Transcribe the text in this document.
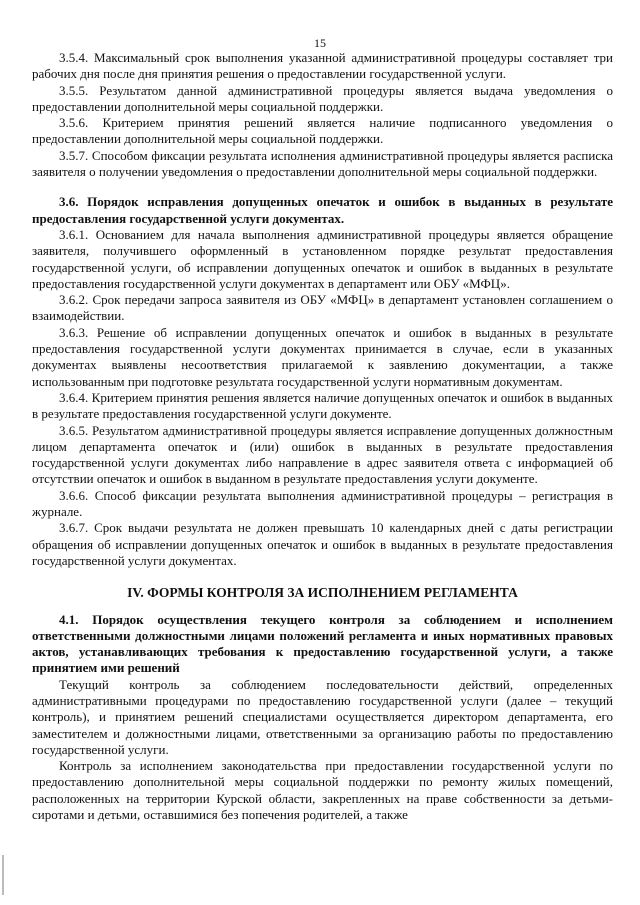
15

3.5.4. Максимальный срок выполнения указанной административной процедуры составляет три рабочих дня после дня принятия решения о предоставлении государственной услуги.

3.5.5. Результатом данной административной процедуры является выдача уведомления о предоставлении дополнительной меры социальной поддержки.

3.5.6. Критерием принятия решений является наличие подписанного уведомления о предоставлении дополнительной меры социальной поддержки.

3.5.7. Способом фиксации результата исполнения административной процедуры является расписка заявителя о получении уведомления о предоставлении дополнительной меры социальной поддержки.

3.6. Порядок исправления допущенных опечаток и ошибок в выданных в результате предоставления государственной услуги документах.

3.6.1. Основанием для начала выполнения административной процедуры является обращение заявителя, получившего оформленный в установленном порядке результат предоставления государственной услуги, об исправлении допущенных опечаток и ошибок в выданных в результате предоставления государственной услуги документах в департамент или ОБУ «МФЦ».

3.6.2. Срок передачи запроса заявителя из ОБУ «МФЦ» в департамент установлен соглашением о взаимодействии.

3.6.3. Решение об исправлении допущенных опечаток и ошибок в выданных в результате предоставления государственной услуги документах принимается в случае, если в указанных документах выявлены несоответствия прилагаемой к заявлению документации, а также использованным при подготовке результата государственной услуги нормативным документам.

3.6.4. Критерием принятия решения является наличие допущенных опечаток и ошибок в выданных в результате предоставления государственной услуги документе.

3.6.5. Результатом административной процедуры является исправление допущенных должностным лицом департамента опечаток и (или) ошибок в выданных в результате предоставления государственной услуги документах либо направление в адрес заявителя ответа с информацией об отсутствии опечаток и ошибок в выданном в результате предоставления услуги документе.

3.6.6. Способ фиксации результата выполнения административной процедуры – регистрация в журнале.

3.6.7. Срок выдачи результата не должен превышать 10 календарных дней с даты регистрации обращения об исправлении допущенных опечаток и ошибок в выданных в результате предоставления государственной услуги документах.

IV. ФОРМЫ КОНТРОЛЯ ЗА ИСПОЛНЕНИЕМ РЕГЛАМЕНТА

4.1. Порядок осуществления текущего контроля за соблюдением и исполнением ответственными должностными лицами положений регламента и иных нормативных правовых актов, устанавливающих требования к предоставлению государственной услуги, а также принятием ими решений

Текущий контроль за соблюдением последовательности действий, определенных административными процедурами по предоставлению государственной услуги (далее – текущий контроль), и принятием решений специалистами осуществляется директором департамента, его заместителем и должностными лицами, ответственными за организацию работы по предоставлению государственной услуги.

Контроль за исполнением законодательства при предоставлении государственной услуги по предоставлению дополнительной меры социальной поддержки по ремонту жилых помещений, расположенных на территории Курской области, закрепленных на праве собственности за детьми-сиротами и детьми, оставшимися без попечения родителей, а также
